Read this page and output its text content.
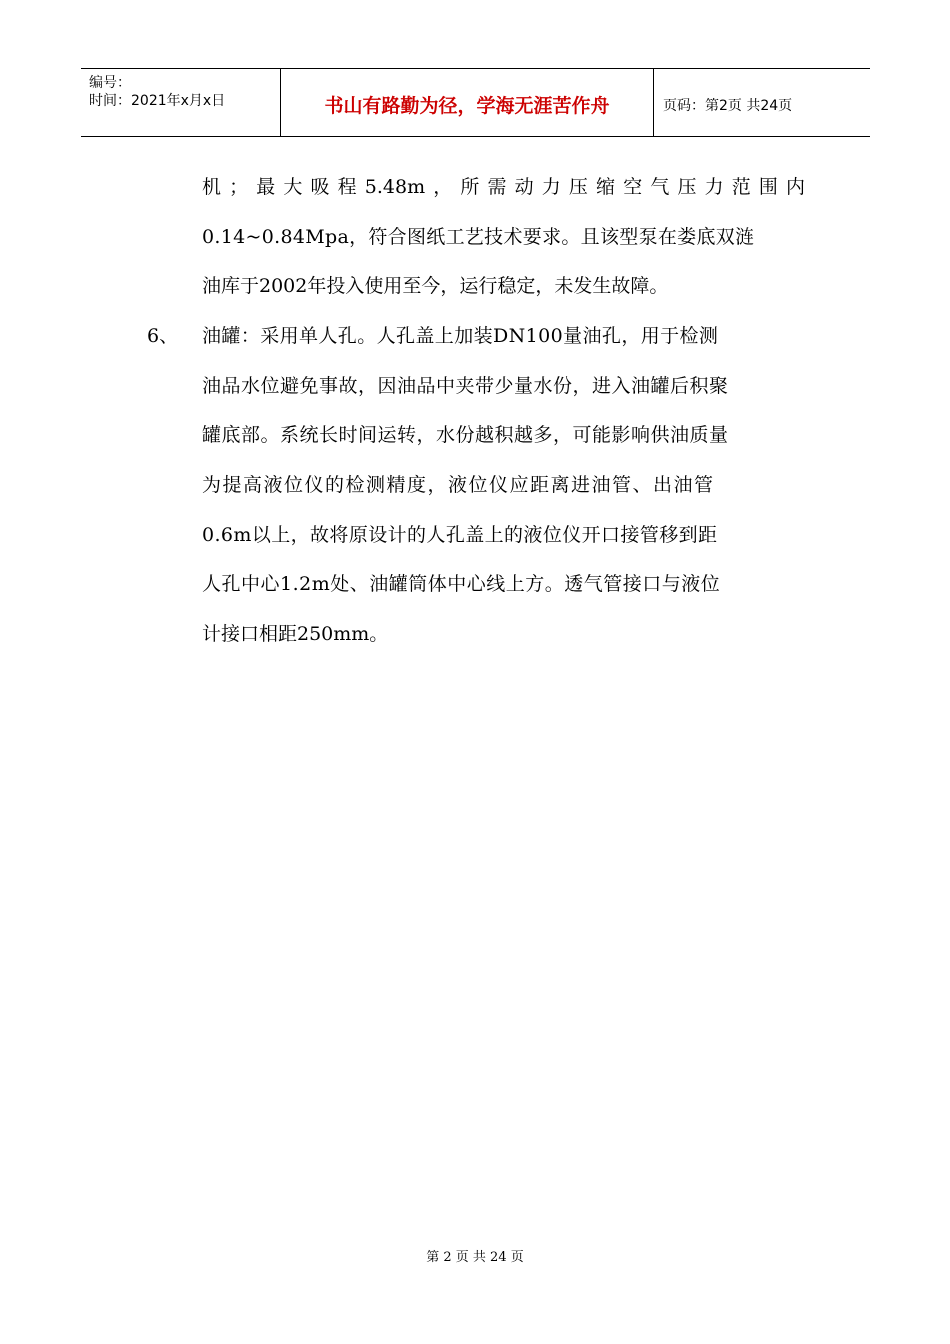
编号：
时间：2021年x月x日	书山有路勤为径，学海无涯苦作舟	页码：第2页 共24页
机；最大吸程5.48m，所需动力压缩空气压力范围内
0.14~0.84Mpa，符合图纸工艺技术要求。且该型泵在娄底双涟
油库于2002年投入使用至今，运行稳定，未发生故障。
6、 油罐：采用单人孔。人孔盖上加装DN100量油孔，用于检测
油品水位避免事故，因油品中夹带少量水份，进入油罐后积聚
罐底部。系统长时间运转，水份越积越多，可能影响供油质量
为提高液位仪的检测精度，液位仪应距离进油管、出油管
0.6m以上，故将原设计的人孔盖上的液位仪开口接管移到距
人孔中心1.2m处、油罐筒体中心线上方。透气管接口与液位
计接口相距250mm。
第 2 页 共 24 页
